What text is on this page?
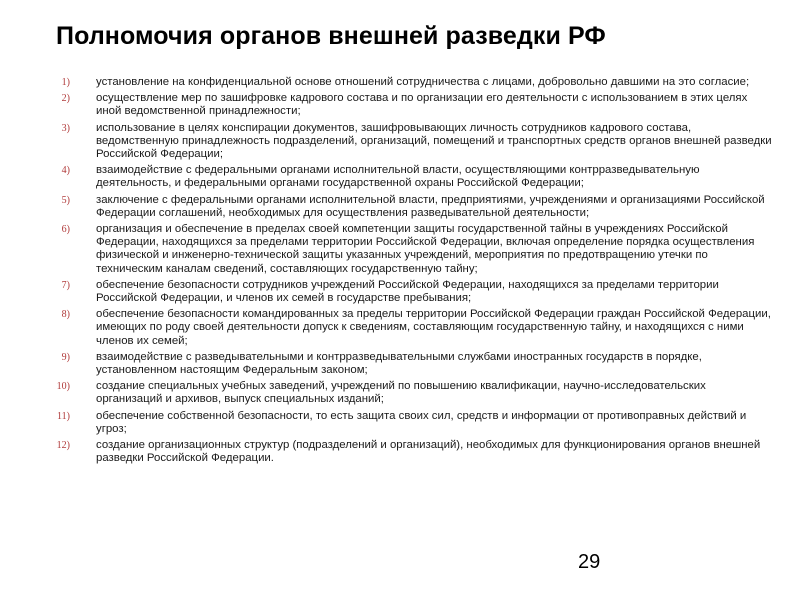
Полномочия органов внешней разведки РФ
1) установление на конфиденциальной основе отношений сотрудничества с лицами, добровольно давшими на это согласие;
2) осуществление мер по зашифровке кадрового состава и по организации его деятельности с использованием в этих целях иной ведомственной принадлежности;
3) использование в целях конспирации документов, зашифровывающих личность сотрудников кадрового состава, ведомственную принадлежность подразделений, организаций, помещений и транспортных средств органов внешней разведки Российской Федерации;
4) взаимодействие с федеральными органами исполнительной власти, осуществляющими контрразведывательную деятельность, и федеральными органами государственной охраны Российской Федерации;
5) заключение с федеральными органами исполнительной власти, предприятиями, учреждениями и организациями Российской Федерации соглашений, необходимых для осуществления разведывательной деятельности;
6) организация и обеспечение в пределах своей компетенции защиты государственной тайны в учреждениях Российской Федерации, находящихся за пределами территории Российской Федерации, включая определение порядка осуществления физической и инженерно-технической защиты указанных учреждений, мероприятия по предотвращению утечки по техническим каналам сведений, составляющих государственную тайну;
7) обеспечение безопасности сотрудников учреждений Российской Федерации, находящихся за пределами территории Российской Федерации, и членов их семей в государстве пребывания;
8) обеспечение безопасности командированных за пределы территории Российской Федерации граждан Российской Федерации, имеющих по роду своей деятельности допуск к сведениям, составляющим государственную тайну, и находящихся с ними членов их семей;
9) взаимодействие с разведывательными и контрразведывательными службами иностранных государств в порядке, установленном настоящим Федеральным законом;
10) создание специальных учебных заведений, учреждений по повышению квалификации, научно-исследовательских организаций и архивов, выпуск специальных изданий;
11) обеспечение собственной безопасности, то есть защита своих сил, средств и информации от противоправных действий и угроз;
12) создание организационных структур (подразделений и организаций), необходимых для функционирования органов внешней разведки Российской Федерации.
29
